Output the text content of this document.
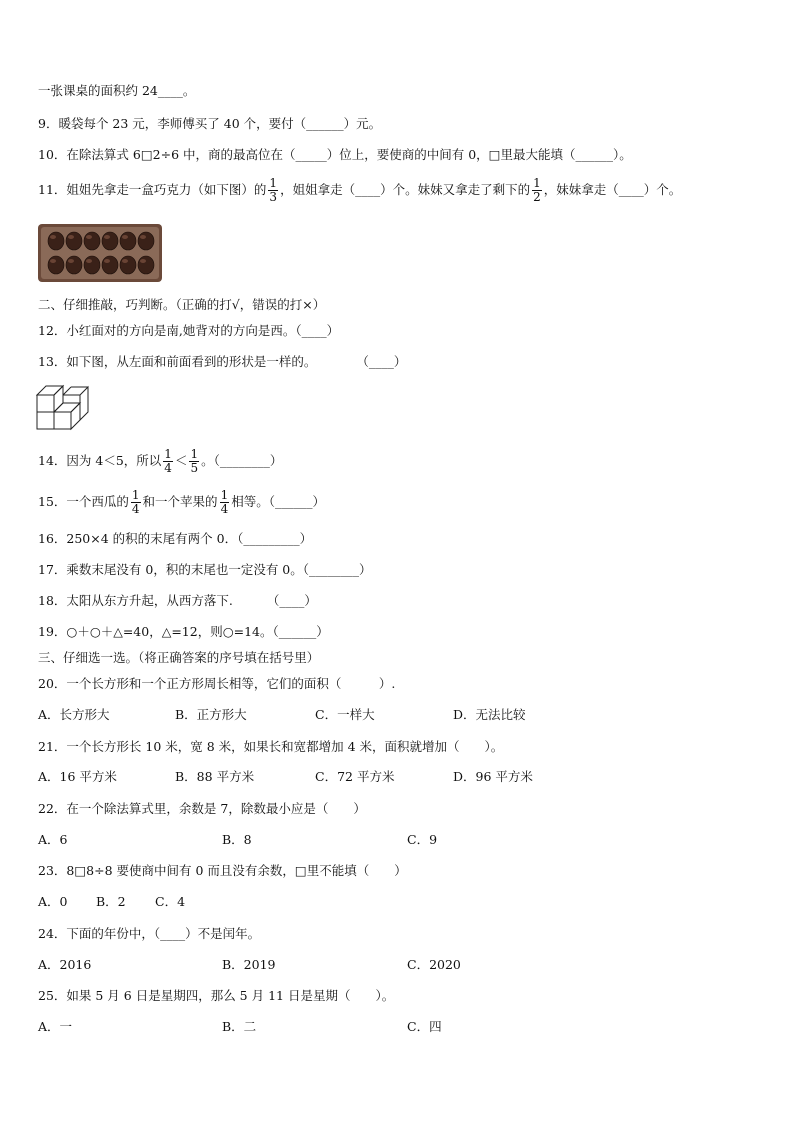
一张课桌的面积约 24____。
9．暖袋每个 23 元，李师傅买了 40 个，要付（______）元。
10．在除法算式 6□2÷6 中，商的最高位在（_____）位上，要使商的中间有 0，□里最大能填（______）。
11．姐姐先拿走一盒巧克力（如下图）的 $\frac{1}{3}$ ，姐姐拿走（____）个。妹妹又拿走了剩下的 $\frac{1}{2}$ ，妹妹拿走（____）个。
二、仔细推敲，巧判断。（正确的打√，错误的打×）
12．小红面对的方向是南,她背对的方向是西。（____）
13．如下图，从左面和前面看到的形状是一样的。	（____）
14．因为 4＜5，所以 $\frac{1}{4} < \frac{1}{5}$ 。（________）
15．一个西瓜的 $\frac{1}{4}$ 和一个苹果的 $\frac{1}{4}$ 相等。（______）
16．250×4 的积的末尾有两个 0．（_________）
17．乘数末尾没有 0，积的末尾也一定没有 0。（________）
18．太阳从东方升起，从西方落下.	（____）
19．○＋○＋△=40，△=12，则○=14。（______）
三、仔细选一选。（将正确答案的序号填在括号里）
20．一个长方形和一个正方形周长相等，它们的面积（　　　）.
A．长方形大	B．正方形大	C．一样大	D．无法比较
21．一个长方形长 10 米，宽 8 米，如果长和宽都增加 4 米，面积就增加（　　）。
A．16 平方米	B．88 平方米	C．72 平方米	D．96 平方米
22．在一个除法算式里，余数是 7，除数最小应是（　　）
A．6	B．8	C．9
23．8□8÷8 要使商中间有 0 而且没有余数，□里不能填（　　）
A．0 B．2 C．4
24．下面的年份中，（____）不是闰年。
A．2016	B．2019	C．2020
25．如果 5 月 6 日是星期四，那么 5 月 11 日是星期（　　）。
A．一	B．二	C．四
